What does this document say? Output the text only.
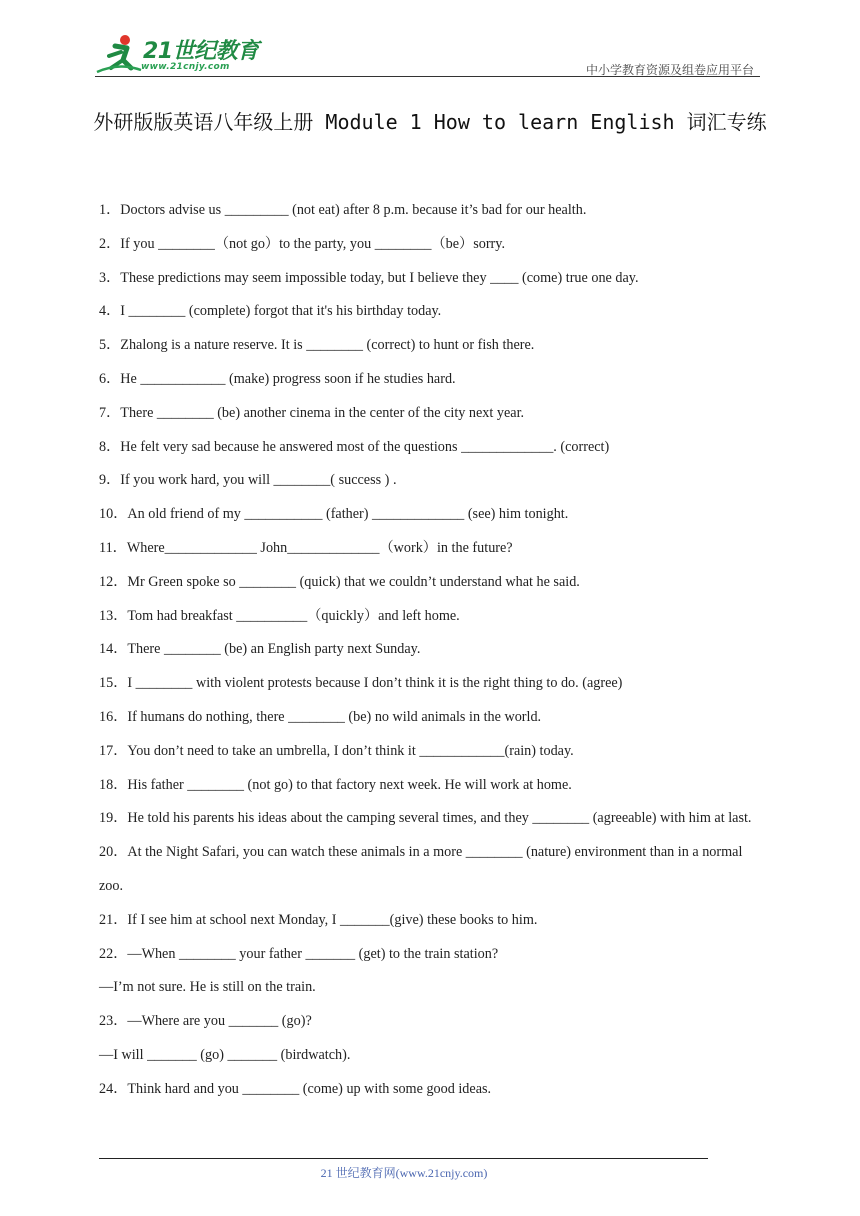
21世纪教育
www.21cnjy.com	中小学教育资源及组卷应用平台
外研版版英语八年级上册 Module 1 How to learn English 词汇专练

1．Doctors advise us _________ (not eat) after 8 p.m. because it’s bad for our health.

2．If you ________（not go）to the party, you ________（be）sorry.

3．These predictions may seem impossible today, but I believe they ____ (come) true one day.

4．I ________ (complete) forgot that it's his birthday today.

5．Zhalong is a nature reserve. It is ________ (correct) to hunt or fish there.

6．He ____________ (make) progress soon if he studies hard.

7．There ________ (be) another cinema in the center of the city next year.

8．He felt very sad because he answered most of the questions _____________. (correct)

9．If you work hard, you will ________( success ) .

10．An old friend of my ___________ (father) _____________ (see) him tonight.

11．Where_____________ John_____________（work）in the future?

12．Mr Green spoke so ________ (quick) that we couldn’t understand what he said.

13．Tom had breakfast __________（quickly）and left home.

14．There ________ (be) an English party next Sunday.

15．I ________ with violent protests because I don’t think it is the right thing to do. (agree)

16．If humans do nothing, there ________ (be) no wild animals in the world.

17．You don’t need to take an umbrella, I don’t think it ____________(rain) today.

18．His father ________ (not go) to that factory next week. He will work at home.

19．He told his parents his ideas about the camping several times, and they ________ (agreeable) with him at last.

20．At the Night Safari, you can watch these animals in a more ________ (nature) environment than in a normal zoo.

21．If I see him at school next Monday, I _______(give) these books to him.

22．—When ________ your father _______ (get) to the train station?

—I’m not sure. He is still on the train.

23．—Where are you _______ (go)?

—I will _______ (go) _______ (birdwatch).

24．Think hard and you ________ (come) up with some good ideas.

21 世纪教育网(www.21cnjy.com)
